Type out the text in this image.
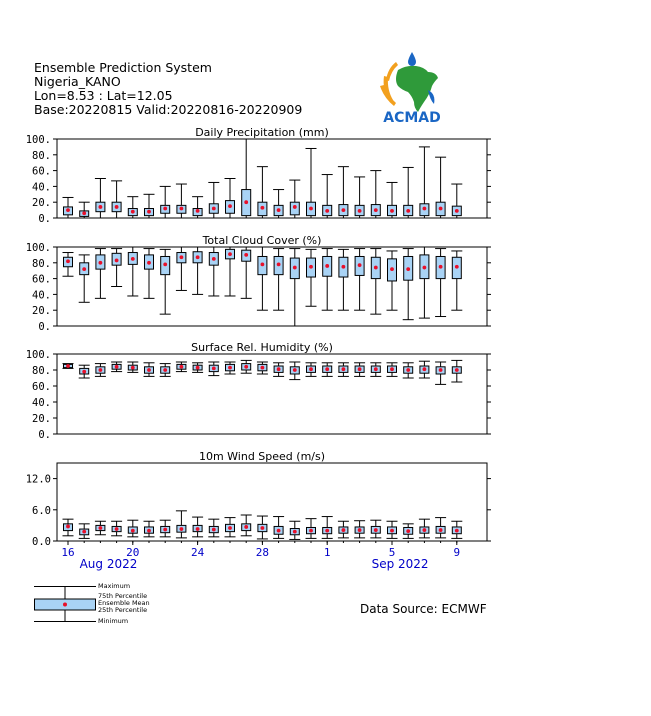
Ensemble Prediction System
Nigeria_KANO
Lon=8.53 : Lat=12.05
Base:20220815 Valid:20220816-20220909
ACMAD
Daily Precipitation (mm)
0.
20.
40.
60.
80.
100.
Total Cloud Cover (%)
0.
20.
40.
60.
80.
100.
Surface Rel. Humidity (%)
0.
20.
40.
60.
80.
100.
10m Wind Speed (m/s)
0.0
6.0
12.0
16	20	24	28	1	5	9
Aug 2022	Sep 2022
Maximum
75th Percentile
Ensemble Mean
25th Percentile
Minimum
Data Source: ECMWF
